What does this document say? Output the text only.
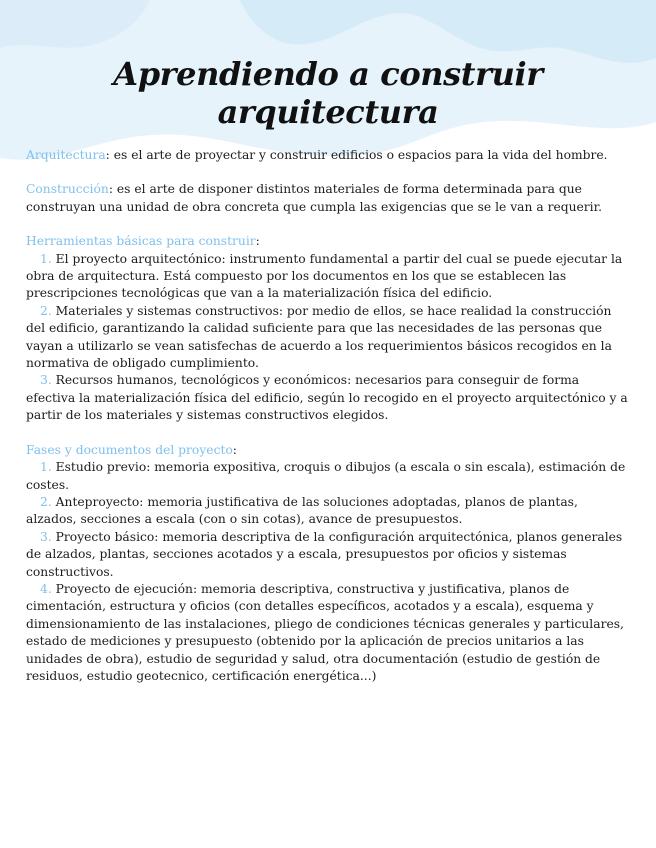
Aprendiendo a construir arquitectura

Arquitectura: es el arte de proyectar y construir edificios o espacios para la vida del hombre.

Construcción: es el arte de disponer distintos materiales de forma determinada para que construyan una unidad de obra concreta que cumpla las exigencias que se le van a requerir.

Herramientas básicas para construir:

1. El proyecto arquitectónico: instrumento fundamental a partir del cual se puede ejecutar la obra de arquitectura. Está compuesto por los documentos en los que se establecen las prescripciones tecnológicas que van a la materialización física del edificio.

2. Materiales y sistemas constructivos: por medio de ellos, se hace realidad la construcción del edificio, garantizando la calidad suficiente para que las necesidades de las personas que vayan a utilizarlo se vean satisfechas de acuerdo a los requerimientos básicos recogidos en la normativa de obligado cumplimiento.

3. Recursos humanos, tecnológicos y económicos: necesarios para conseguir de forma efectiva la materialización física del edificio, según lo recogido en el proyecto arquitectónico y a partir de los materiales y sistemas constructivos elegidos.

Fases y documentos del proyecto:

1. Estudio previo: memoria expositiva, croquis o dibujos (a escala o sin escala), estimación de costes.

2. Anteproyecto: memoria justificativa de las soluciones adoptadas, planos de plantas, alzados, secciones a escala (con o sin cotas), avance de presupuestos.

3. Proyecto básico: memoria descriptiva de la configuración arquitectónica, planos generales de alzados, plantas, secciones acotados y a escala, presupuestos por oficios y sistemas constructivos.

4. Proyecto de ejecución: memoria descriptiva, constructiva y justificativa, planos de cimentación, estructura y oficios (con detalles específicos, acotados y a escala), esquema y dimensionamiento de las instalaciones, pliego de condiciones técnicas generales y particulares, estado de mediciones y presupuesto (obtenido por la aplicación de precios unitarios a las unidades de obra), estudio de seguridad y salud, otra documentación (estudio de gestión de residuos, estudio geotecnico, certificación energética...)
